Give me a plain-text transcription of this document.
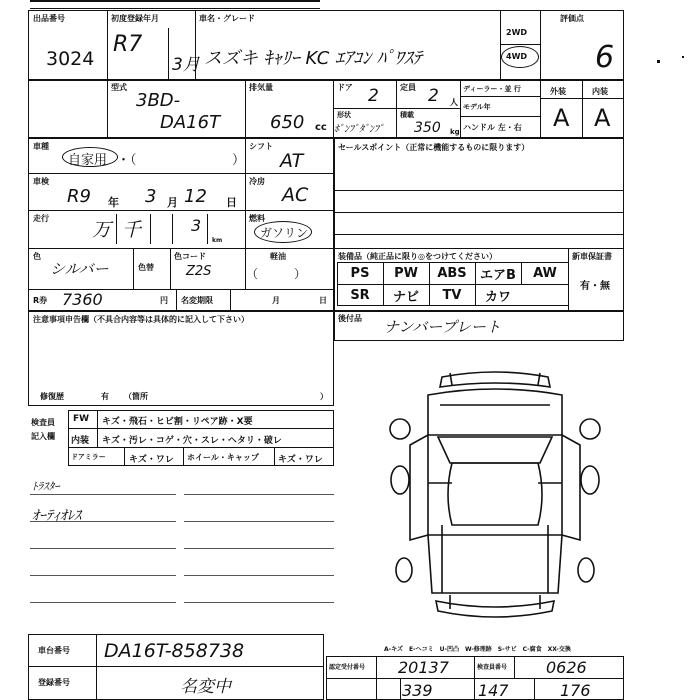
出品番号
3024
初度登録年月
R7
3月
車名・グレード
スズキ ｷｬﾘｰ KC ｴｱｺﾝ ﾊﾟﾜｽﾃ
2WD
4WD
評価点
6
型式
3BD-
DA16T
排気量
650 cc
ドア 2	定員 2 人
形状
ﾎﾟﾝﾌﾟﾀﾞﾝﾌﾟ
積載
350 kg
ディーラー・並 行
モデル年
ハンドル 左・右
外装	内装
A A
車種
自家用 ・（	）
シフト
AT
車検
R9 年 3 月 12 日
冷房
AC
走行
万 千	3
km
燃料
ガソリン
色
シルバー	色替
色コード
Z2S	（　　　）
軽油
R券 7360	円 名変期限	月	日
注意事項申告欄（不具合内容等は具体的に記入して下さい）
修復歴	有 （箇所	）
セールスポイント（正常に機能するものに限ります）
装備品（純正品に限り◎をつけてください）	新車保証書
有・無
PS	PW	ABS	エアB	AW
SR	ナビ	TV	カワ
後付品 ナンバープレート
検査員
記入欄
FW キズ・飛石・ヒビ割・リペア跡・X要
内装 キズ・汚レ・コゲ・穴・スレ・ヘタリ・破レ
ドアミラー	キズ・ワレ ホイール・キャップ キズ・ワレ
ﾄﾗｽﾀｰ
ｵｰﾃｨｵﾚｽ
車台番号 DA16T-858738
登録番号	名変中
A-キズ　E-ヘコミ　U-凹凸　W-修理跡　S-サビ　C-腐食　XX-交換
認定受付番号 20137	検査員番号 0626
339	147	176
